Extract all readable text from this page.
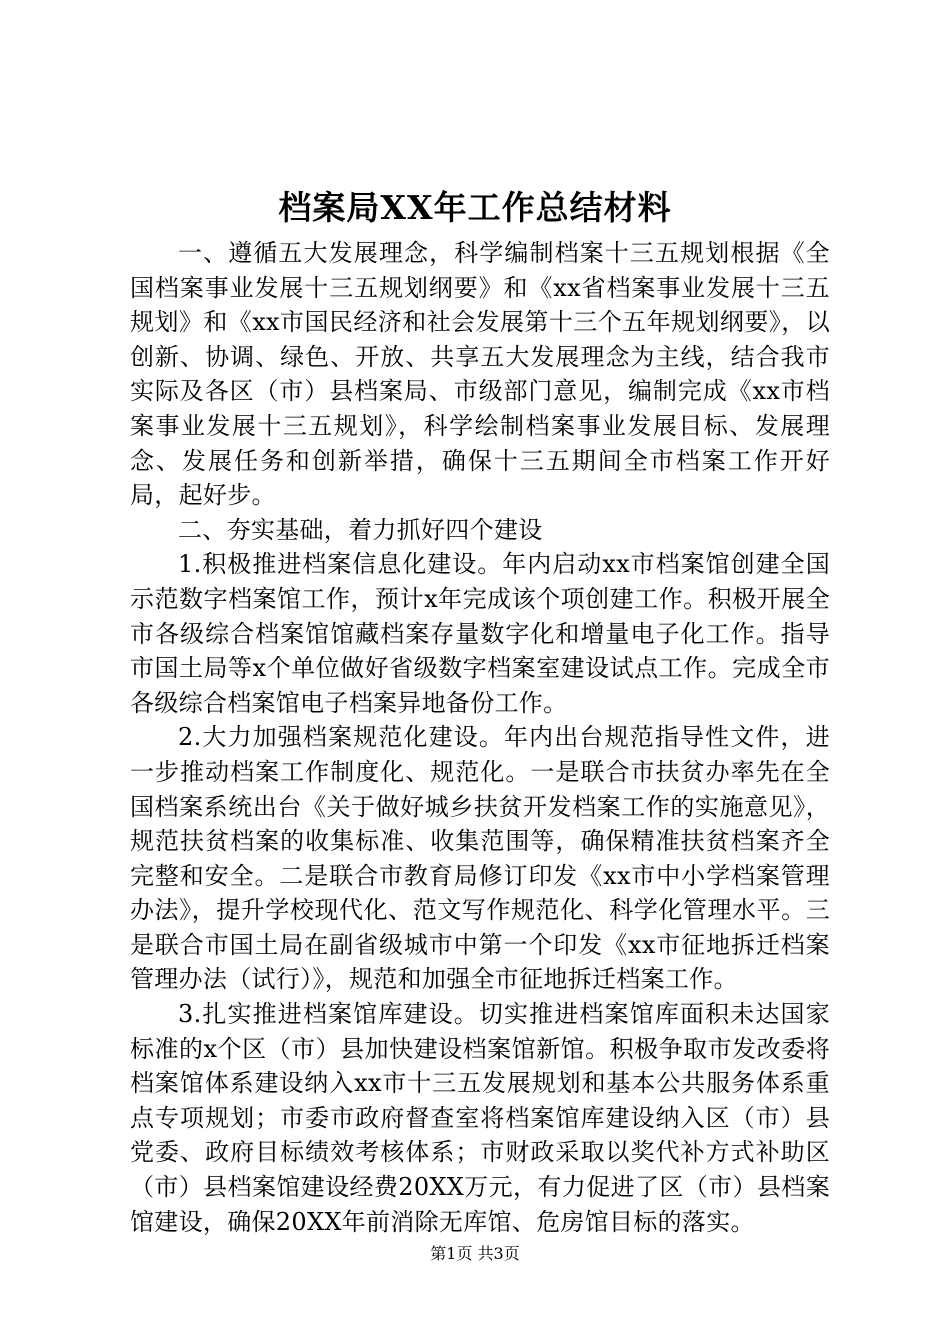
档案局XX年工作总结材料

一、遵循五大发展理念，科学编制档案十三五规划根据《全国档案事业发展十三五规划纲要》和《xx省档案事业发展十三五规划》和《xx市国民经济和社会发展第十三个五年规划纲要》，以创新、协调、绿色、开放、共享五大发展理念为主线，结合我市实际及各区（市）县档案局、市级部门意见，编制完成《xx市档案事业发展十三五规划》，科学绘制档案事业发展目标、发展理念、发展任务和创新举措，确保十三五期间全市档案工作开好局，起好步。

二、夯实基础，着力抓好四个建设

1.积极推进档案信息化建设。年内启动xx市档案馆创建全国示范数字档案馆工作，预计x年完成该个项创建工作。积极开展全市各级综合档案馆馆藏档案存量数字化和增量电子化工作。指导市国土局等x个单位做好省级数字档案室建设试点工作。完成全市各级综合档案馆电子档案异地备份工作。

2.大力加强档案规范化建设。年内出台规范指导性文件，进一步推动档案工作制度化、规范化。一是联合市扶贫办率先在全国档案系统出台《关于做好城乡扶贫开发档案工作的实施意见》，规范扶贫档案的收集标准、收集范围等，确保精准扶贫档案齐全完整和安全。二是联合市教育局修订印发《xx市中小学档案管理办法》，提升学校现代化、范文写作规范化、科学化管理水平。三是联合市国土局在副省级城市中第一个印发《xx市征地拆迁档案管理办法（试行）》，规范和加强全市征地拆迁档案工作。

3.扎实推进档案馆库建设。切实推进档案馆库面积未达国家标准的x个区（市）县加快建设档案馆新馆。积极争取市发改委将档案馆体系建设纳入xx市十三五发展规划和基本公共服务体系重点专项规划；市委市政府督查室将档案馆库建设纳入区（市）县党委、政府目标绩效考核体系；市财政采取以奖代补方式补助区（市）县档案馆建设经费20XX万元，有力促进了区（市）县档案馆建设，确保20XX年前消除无库馆、危房馆目标的落实。

第1页 共3页
